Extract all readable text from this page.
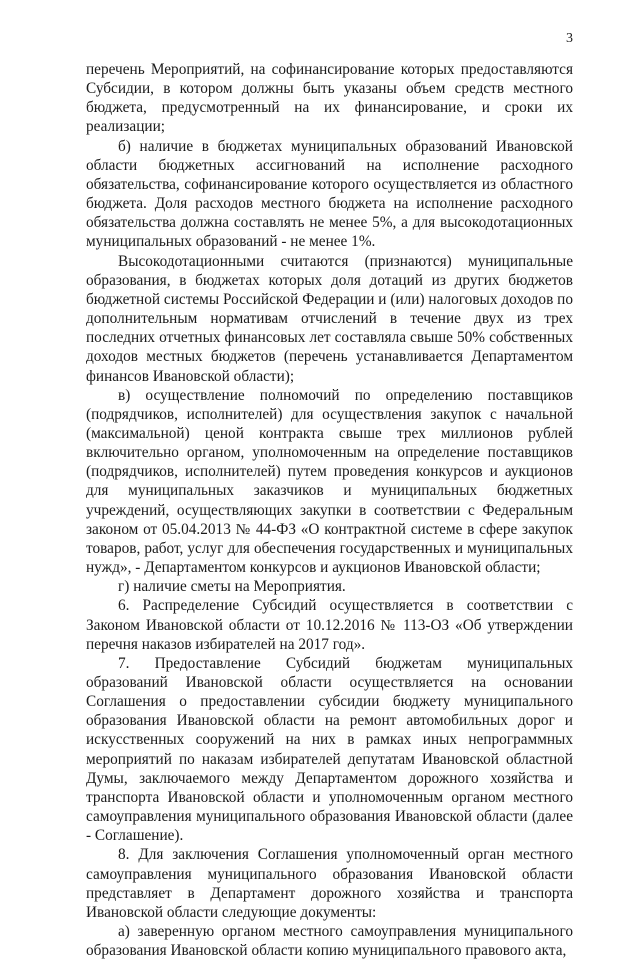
3

перечень Мероприятий, на софинансирование которых предоставляются Субсидии, в котором должны быть указаны объем средств местного бюджета, предусмотренный на их финансирование, и сроки их реализации;

б) наличие в бюджетах муниципальных образований Ивановской области бюджетных ассигнований на исполнение расходного обязательства, софинансирование которого осуществляется из областного бюджета. Доля расходов местного бюджета на исполнение расходного обязательства должна составлять не менее 5%, а для высокодотационных муниципальных образований - не менее 1%.

Высокодотационными считаются (признаются) муниципальные образования, в бюджетах которых доля дотаций из других бюджетов бюджетной системы Российской Федерации и (или) налоговых доходов по дополнительным нормативам отчислений в течение двух из трех последних отчетных финансовых лет составляла свыше 50% собственных доходов местных бюджетов (перечень устанавливается Департаментом финансов Ивановской области);

в) осуществление полномочий по определению поставщиков (подрядчиков, исполнителей) для осуществления закупок с начальной (максимальной) ценой контракта свыше трех миллионов рублей включительно органом, уполномоченным на определение поставщиков (подрядчиков, исполнителей) путем проведения конкурсов и аукционов для муниципальных заказчиков и муниципальных бюджетных учреждений, осуществляющих закупки в соответствии с Федеральным законом от 05.04.2013 № 44-ФЗ «О контрактной системе в сфере закупок товаров, работ, услуг для обеспечения государственных и муниципальных нужд», - Департаментом конкурсов и аукционов Ивановской области;

г) наличие сметы на Мероприятия.

6. Распределение Субсидий осуществляется в соответствии с Законом Ивановской области от 10.12.2016 № 113-ОЗ «Об утверждении перечня наказов избирателей на 2017 год».

7. Предоставление Субсидий бюджетам муниципальных образований Ивановской области осуществляется на основании Соглашения о предоставлении субсидии бюджету муниципального образования Ивановской области на ремонт автомобильных дорог и искусственных сооружений на них в рамках иных непрограммных мероприятий по наказам избирателей депутатам Ивановской областной Думы, заключаемого между Департаментом дорожного хозяйства и транспорта Ивановской области и уполномоченным органом местного самоуправления муниципального образования Ивановской области (далее - Соглашение).

8. Для заключения Соглашения уполномоченный орган местного самоуправления муниципального образования Ивановской области представляет в Департамент дорожного хозяйства и транспорта Ивановской области следующие документы:

а) заверенную органом местного самоуправления муниципального образования Ивановской области копию муниципального правового акта,
